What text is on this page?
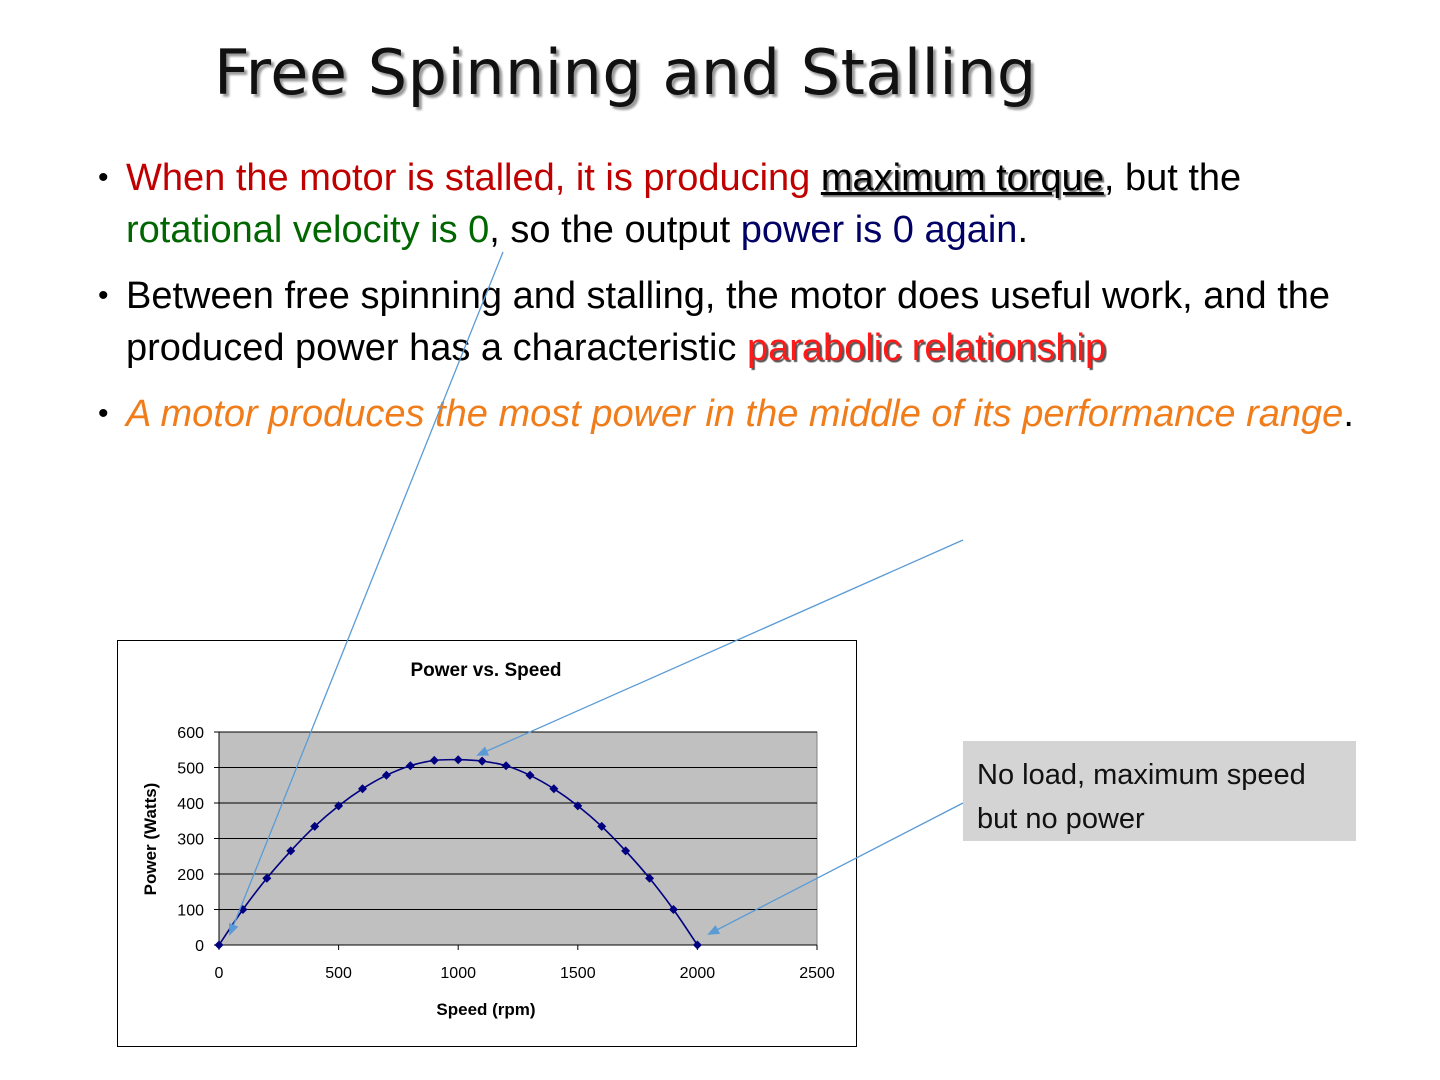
Free Spinning and Stalling
• When the motor is stalled, it is producing maximum torque, but the rotational velocity is 0, so the output power is 0 again.
• Between free spinning and stalling, the motor does useful work, and the produced power has a characteristic parabolic relationship
• A motor produces the most power in the middle of its performance range.
Power vs. Speed
Speed (rpm)
Power (Watts)
0
100
200
300
400
500
600
0	500	1000	1500	2000	2500
No load, maximum speed but no power
